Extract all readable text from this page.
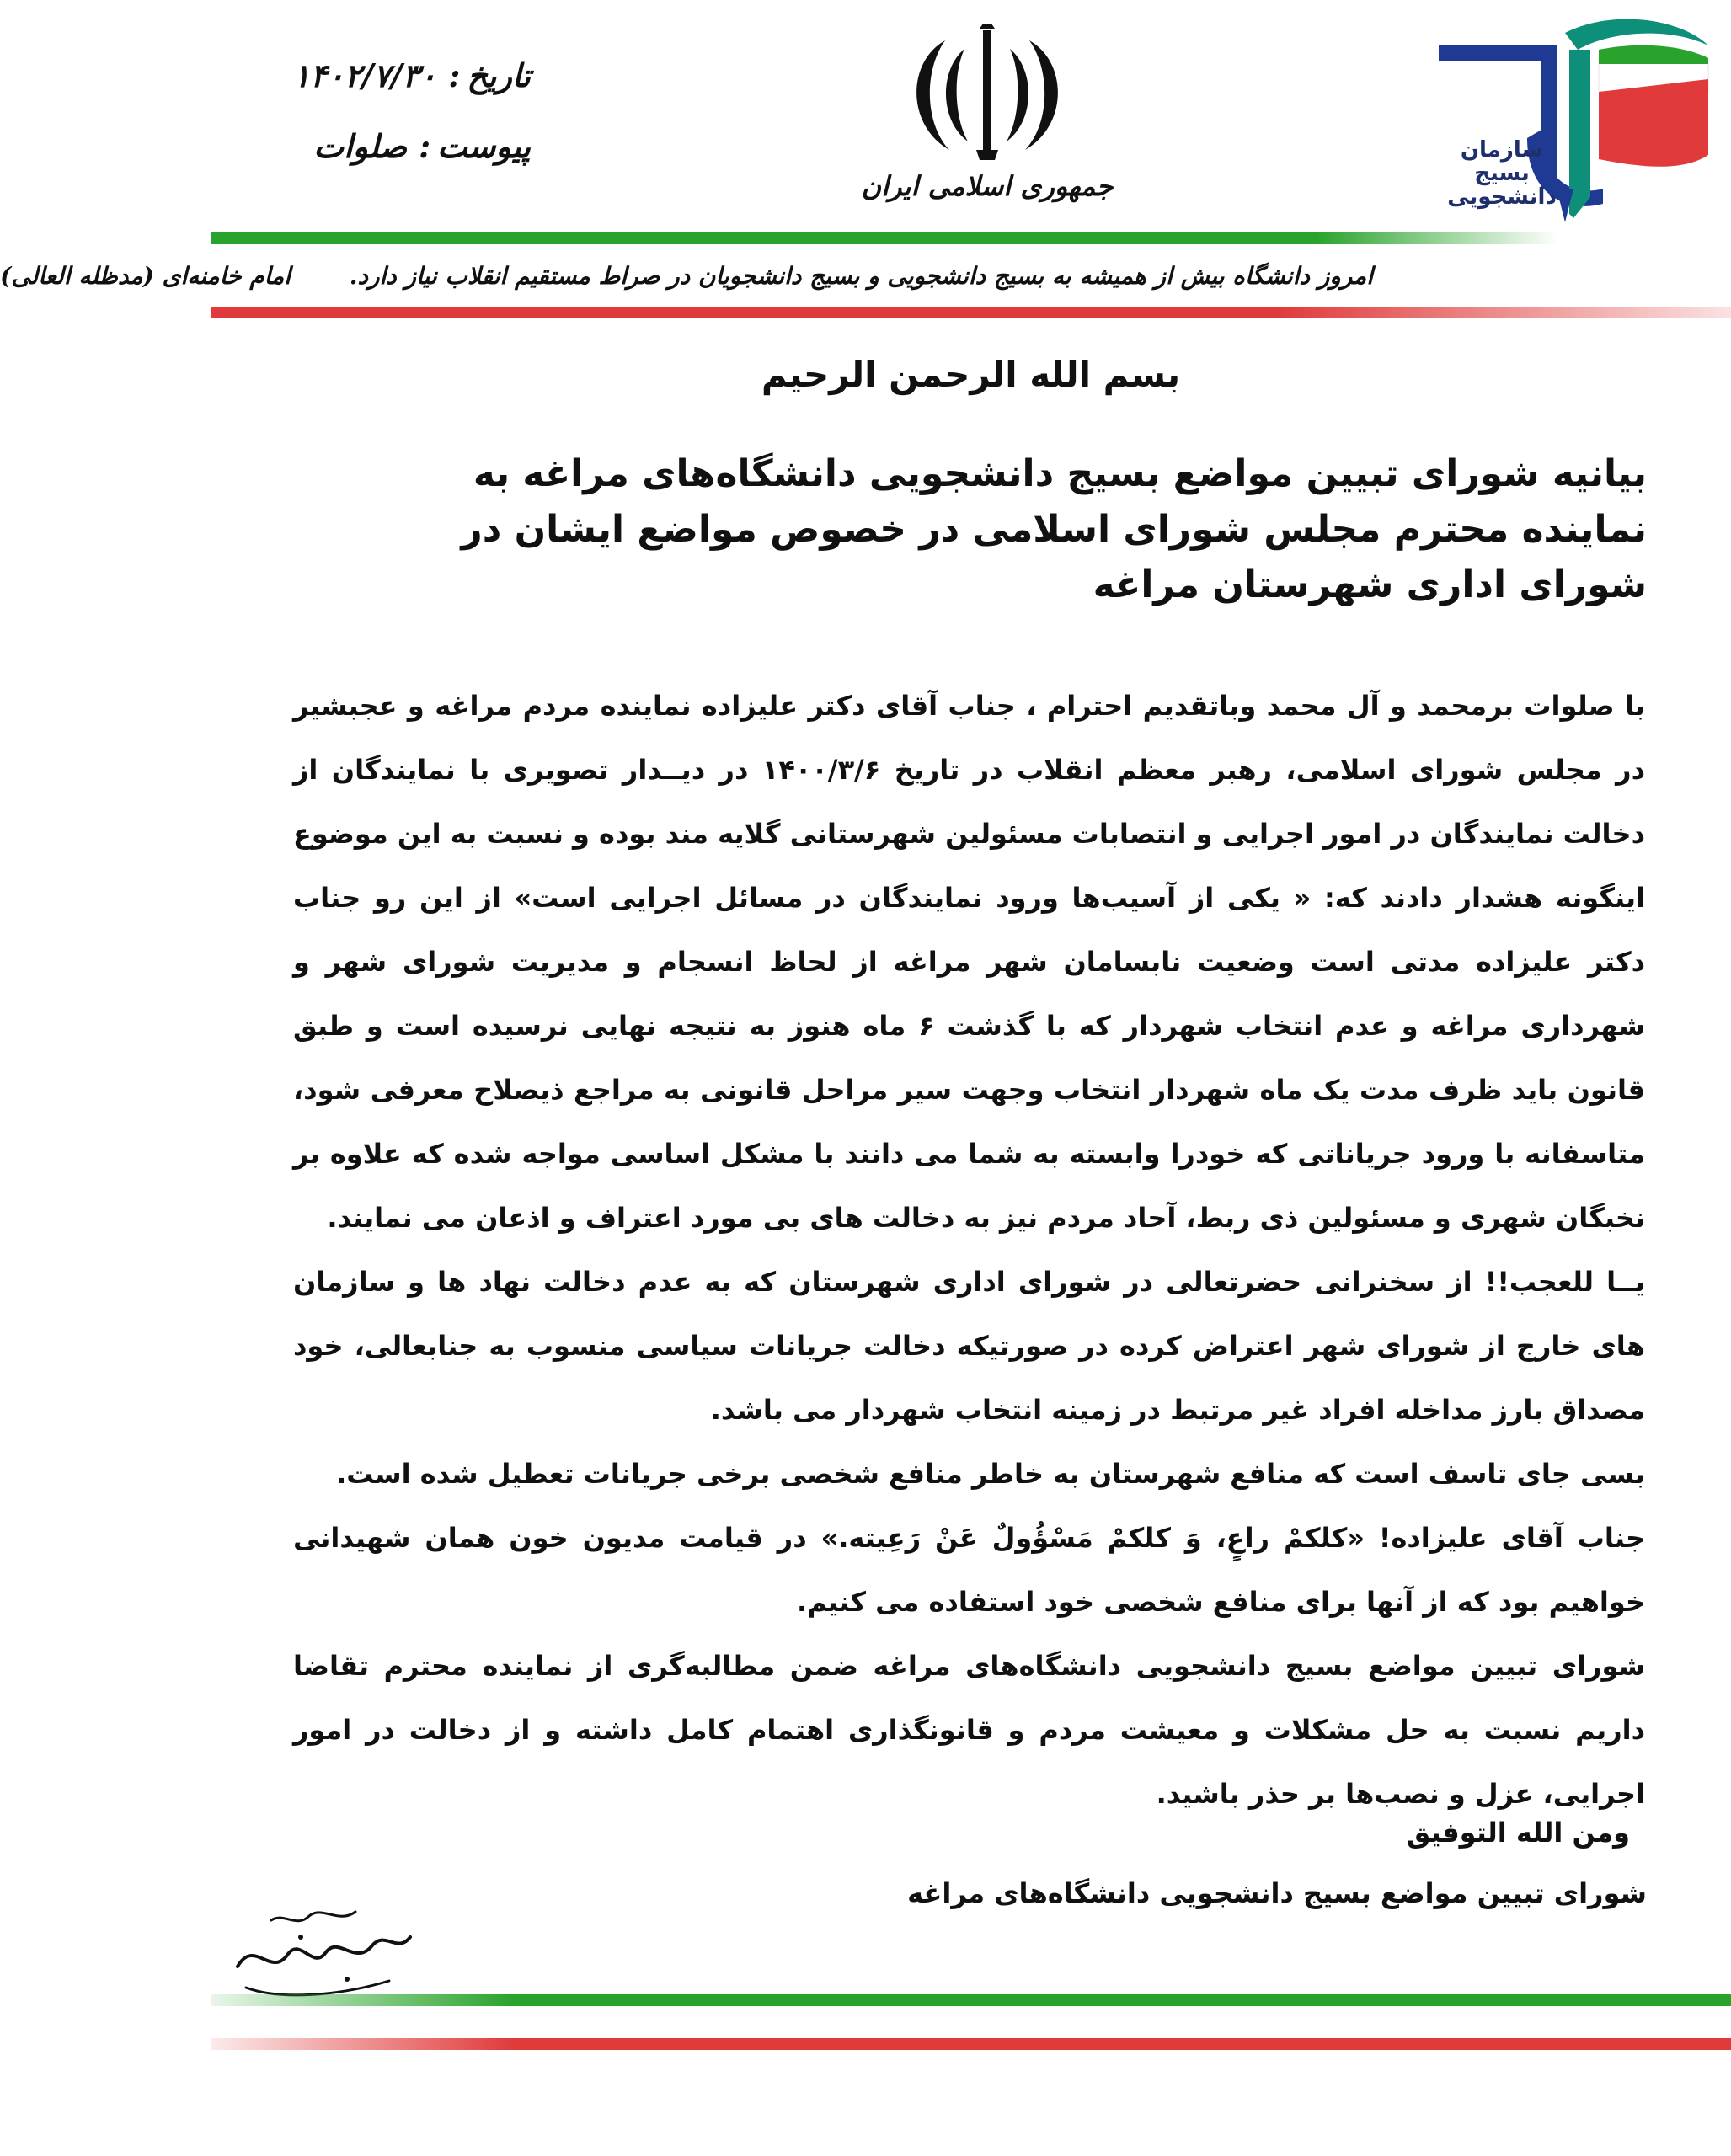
تاریخ:۱۴۰۲/۷/۳۰
پیوست:صلوات
جمهوری اسلامی ایران
سازمان
بسیج
دانشجویی
امروز دانشگاه بیش از همیشه به بسیج دانشجویی و بسیج دانشجویان در صراط مستقیم انقلاب نیاز دارد. امام خامنه‌ای (مدظله العالی)
بسم الله الرحمن الرحیم
بیانیه شورای تبیین مواضع بسیج دانشجویی دانشگاه‌های مراغه به نماینده محترم مجلس شورای اسلامی در خصوص مواضع ایشان در شورای اداری شهرستان مراغه

با صلوات برمحمد و آل محمد وباتقدیم احترام ، جناب آقای دکتر علیزاده نماینده مردم مراغه و عجبشیر در مجلس شورای اسلامی، رهبر معظم انقلاب در تاریخ ۱۴۰۰/۳/۶ در دیــدار تصویری با نمایندگان از دخالت نمایندگان در امور اجرایی و انتصابات مسئولین شهرستانی گلایه مند بوده و نسبت به این موضوع اینگونه هشدار دادند که: « یکی از آسیب‌ها ورود نمایندگان در مسائل اجرایی است» از این رو جناب دکتر علیزاده مدتی است وضعیت نابسامان شهر مراغه از لحاظ انسجام و مدیریت شورای شهر و شهرداری مراغه و عدم انتخاب شهردار که با گذشت ۶ ماه هنوز به نتیجه نهایی نرسیده است و طبق قانون باید ظرف مدت یک ماه شهردار انتخاب وجهت سیر مراحل قانونی به مراجع ذیصلاح معرفی شود، متاسفانه با ورود جریاناتی که خودرا وابسته به شما می دانند با مشکل اساسی مواجه شده که علاوه بر نخبگان شهری و مسئولین ذی ربط، آحاد مردم نیز به دخالت های بی مورد اعتراف و اذعان می نمایند.

یــا للعجب!! از سخنرانی حضرتعالی در شورای اداری شهرستان که به عدم دخالت نهاد ها و سازمان های خارج از شورای شهر اعتراض کرده در صورتیکه دخالت جریانات سیاسی منسوب به جنابعالی، خود مصداق بارز مداخله افراد غیر مرتبط در زمینه انتخاب شهردار می باشد.

بسی جای تاسف است که منافع شهرستان به خاطر منافع شخصی برخی جریانات تعطیل شده است.

جناب آقای علیزاده! «کلکمْ راعٍ، وَ کلکمْ مَسْؤُولٌ عَنْ رَعِیته.» در قیامت مدیون خون همان شهیدانی خواهیم بود که از آنها برای منافع شخصی خود استفاده می کنیم.

شورای تبیین مواضع بسیج دانشجویی دانشگاه‌های مراغه ضمن مطالبه‌گری از نماینده محترم تقاضا داریم نسبت به حل مشکلات و معیشت مردم و قانونگذاری اهتمام کامل داشته و از دخالت در امور اجرایی، عزل و نصب‌ها بر حذر باشید.

ومن الله التوفیق
شورای تبیین مواضع بسیج دانشجویی دانشگاه‌های مراغه
